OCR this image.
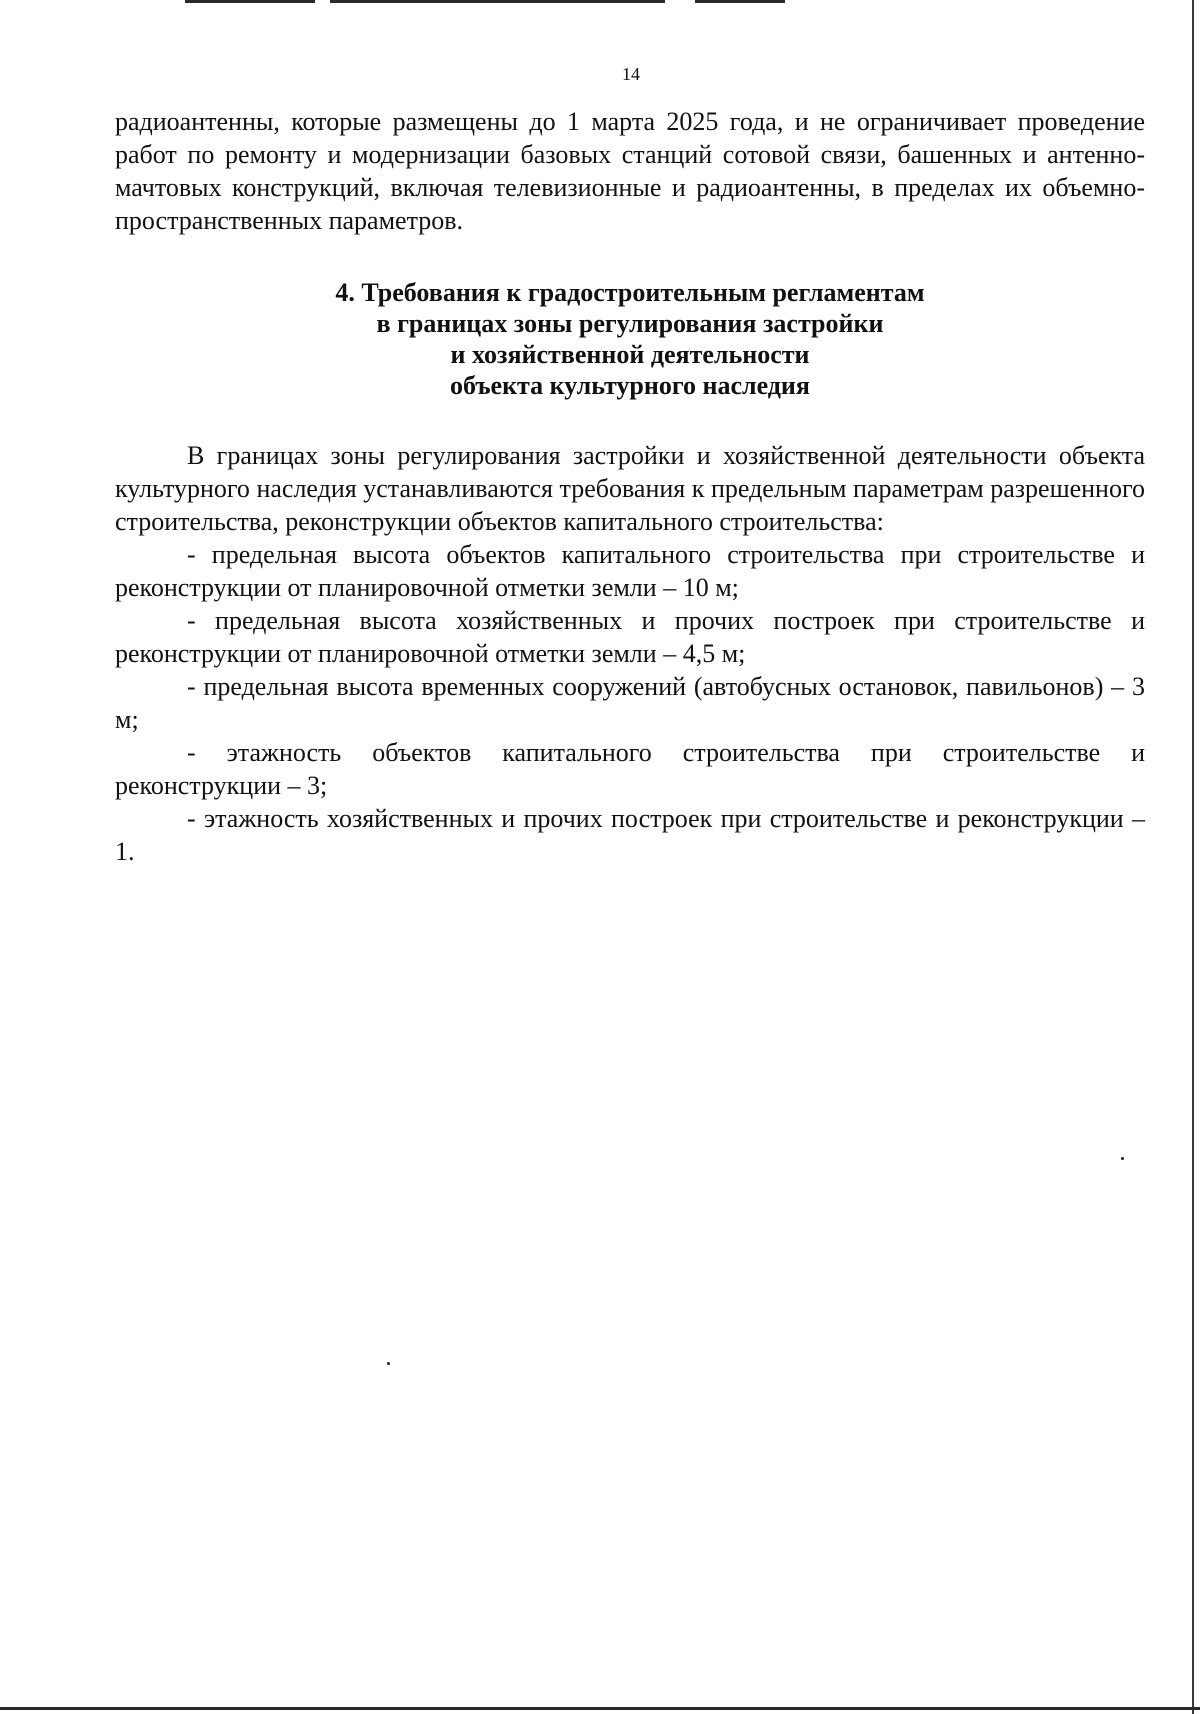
14

радиоантенны, которые размещены до 1 марта 2025 года, и не ограничивает проведение работ по ремонту и модернизации базовых станций сотовой связи, башенных и антенно-мачтовых конструкций, включая телевизионные и радиоантенны, в пределах их объемно-пространственных параметров.

4. Требования к градостроительным регламентам
в границах зоны регулирования застройки
и хозяйственной деятельности
объекта культурного наследия

В границах зоны регулирования застройки и хозяйственной деятельности объекта культурного наследия устанавливаются требования к предельным параметрам разрешенного строительства, реконструкции объектов капитального строительства:

- предельная высота объектов капитального строительства при строительстве и реконструкции от планировочной отметки земли – 10 м;

- предельная высота хозяйственных и прочих построек при строительстве и реконструкции от планировочной отметки земли – 4,5 м;

- предельная высота временных сооружений (автобусных остановок, павильонов) – 3 м;

- этажность объектов капитального строительства при строительстве и реконструкции – 3;

- этажность хозяйственных и прочих построек при строительстве и реконструкции – 1.
